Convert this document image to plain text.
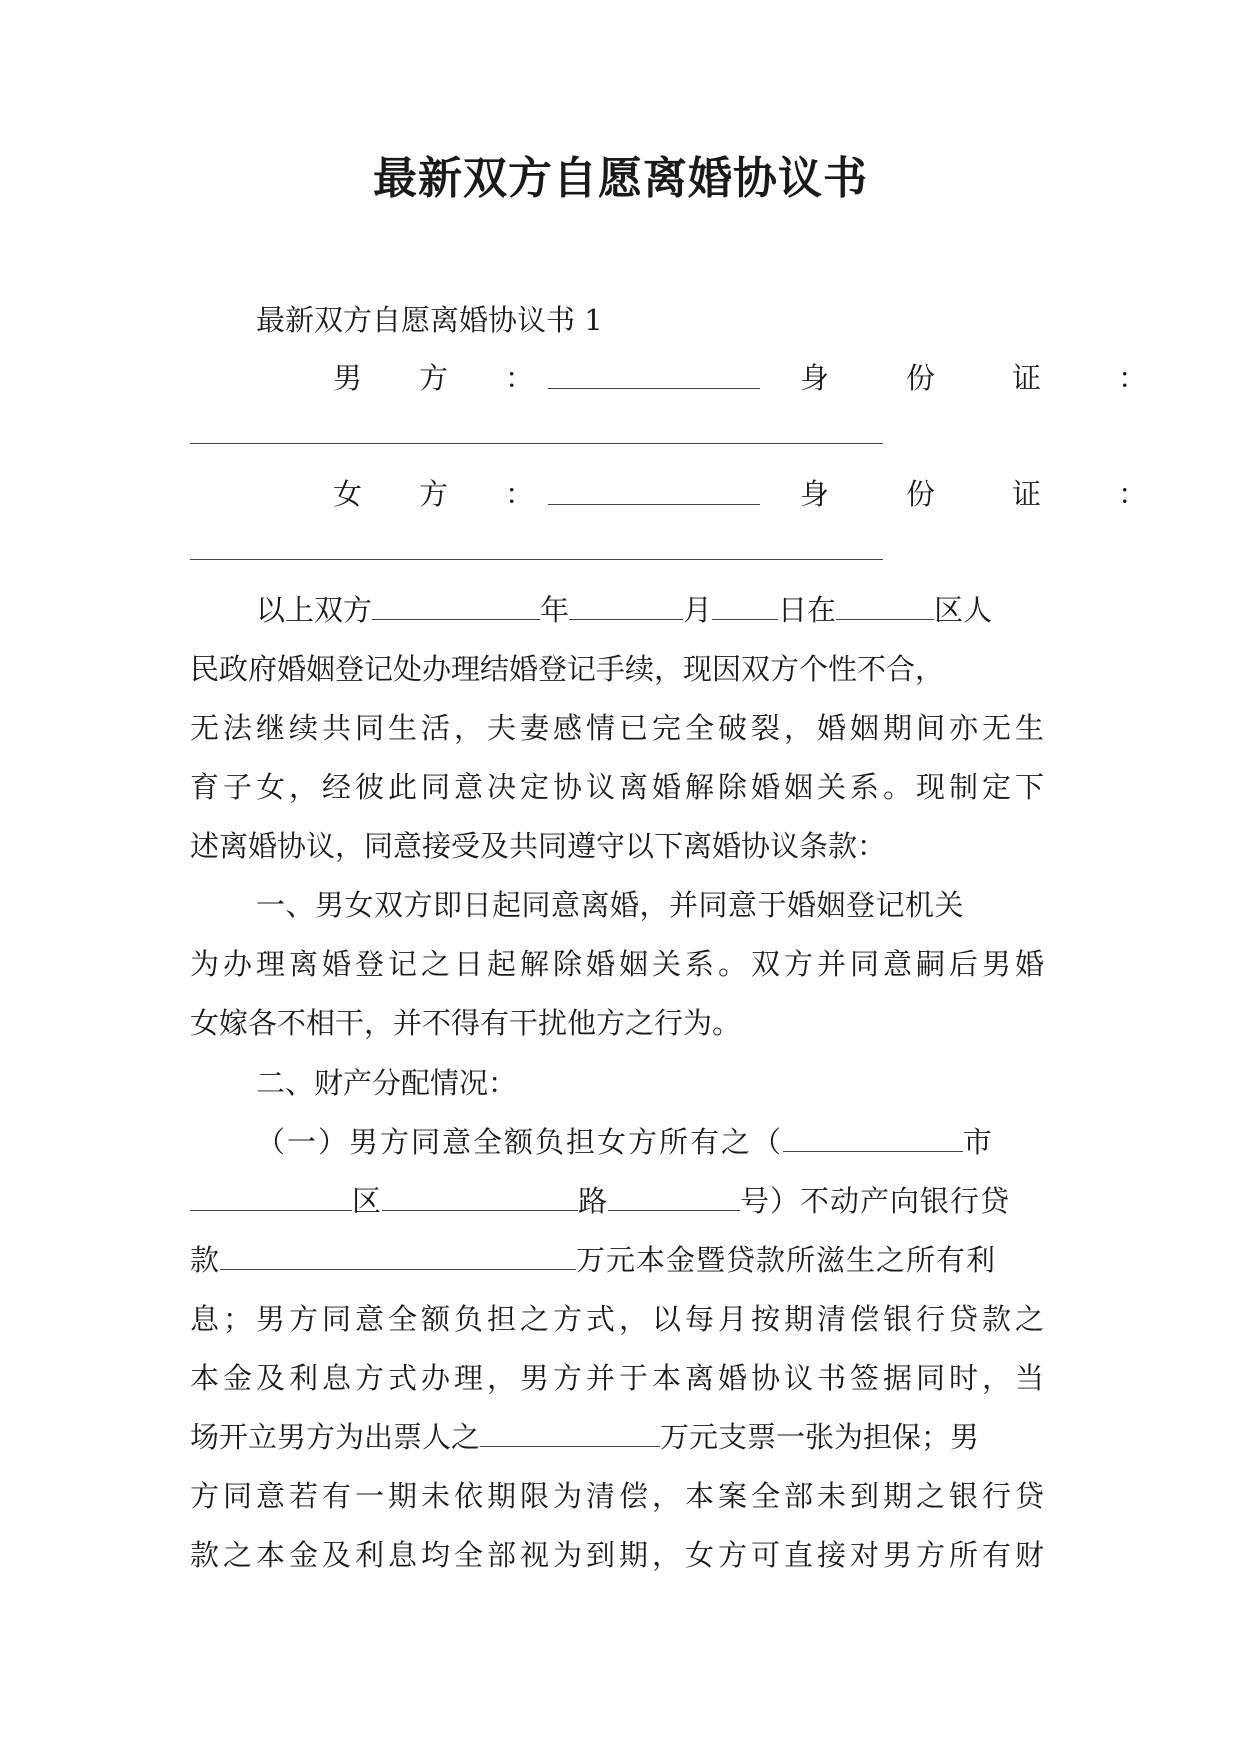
最新双方自愿离婚协议书
最新双方自愿离婚协议书 1
男　方　：	身　份　证　：
女　方　：	身　份　证　：
以上双方	年	月 日在	区人
民政府婚姻登记处办理结婚登记手续，现因双方个性不合，
无法继续共同生活，夫妻感情已完全破裂，婚姻期间亦无生
育子女，经彼此同意决定协议离婚解除婚姻关系。现制定下
述离婚协议，同意接受及共同遵守以下离婚协议条款：
一、男女双方即日起同意离婚，并同意于婚姻登记机关
为办理离婚登记之日起解除婚姻关系。双方并同意嗣后男婚
女嫁各不相干，并不得有干扰他方之行为。
二、财产分配情况：
（一）男方同意全额负担女方所有之（	市
区	路	号）不动产向银行贷
款	万元本金暨贷款所滋生之所有利
息；男方同意全额负担之方式，以每月按期清偿银行贷款之
本金及利息方式办理，男方并于本离婚协议书签据同时，当
场开立男方为出票人之	万元支票一张为担保；男
方同意若有一期未依期限为清偿，本案全部未到期之银行贷
款之本金及利息均全部视为到期，女方可直接对男方所有财
